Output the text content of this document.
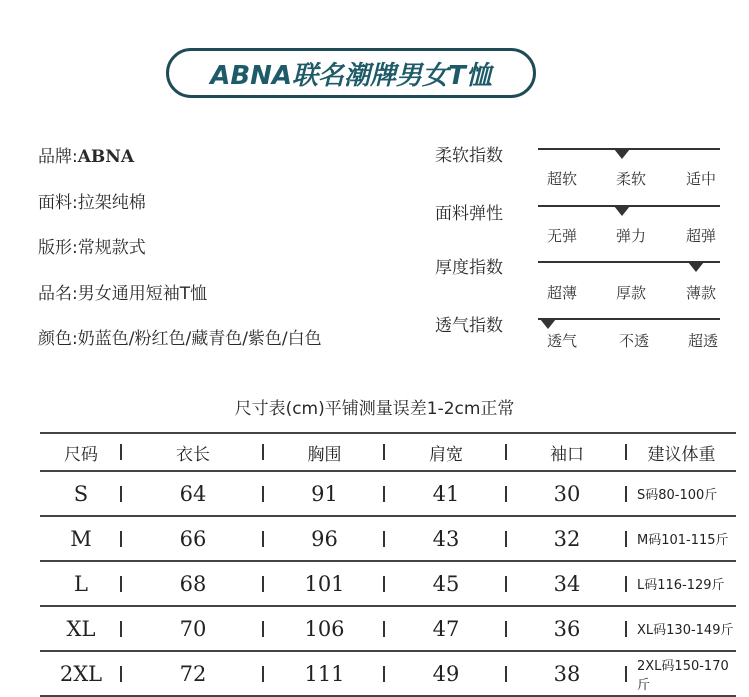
ABNA联名潮牌男女T恤
品牌:ABNA
面料:拉架纯棉
版形:常规款式
品名:男女通用短袖T恤
颜色:奶蓝色/粉红色/藏青色/紫色/白色
柔软指数
超软	柔软	适中
面料弹性
无弹	弹力	超弹
厚度指数
超薄	厚款	薄款
透气指数
透气	不透	超透
尺寸表(cm)平铺测量误差1-2cm正常
尺码	衣长	胸围	肩宽	袖口	建议体重
S	64	91	41	30	S码80-100斤
M	66	96	43	32	M码101-115斤
L	68	101	45	34	L码116-129斤
XL	70	106	47	36	XL码130-149斤
2XL	72	111	49	38	2XL码150-170斤
